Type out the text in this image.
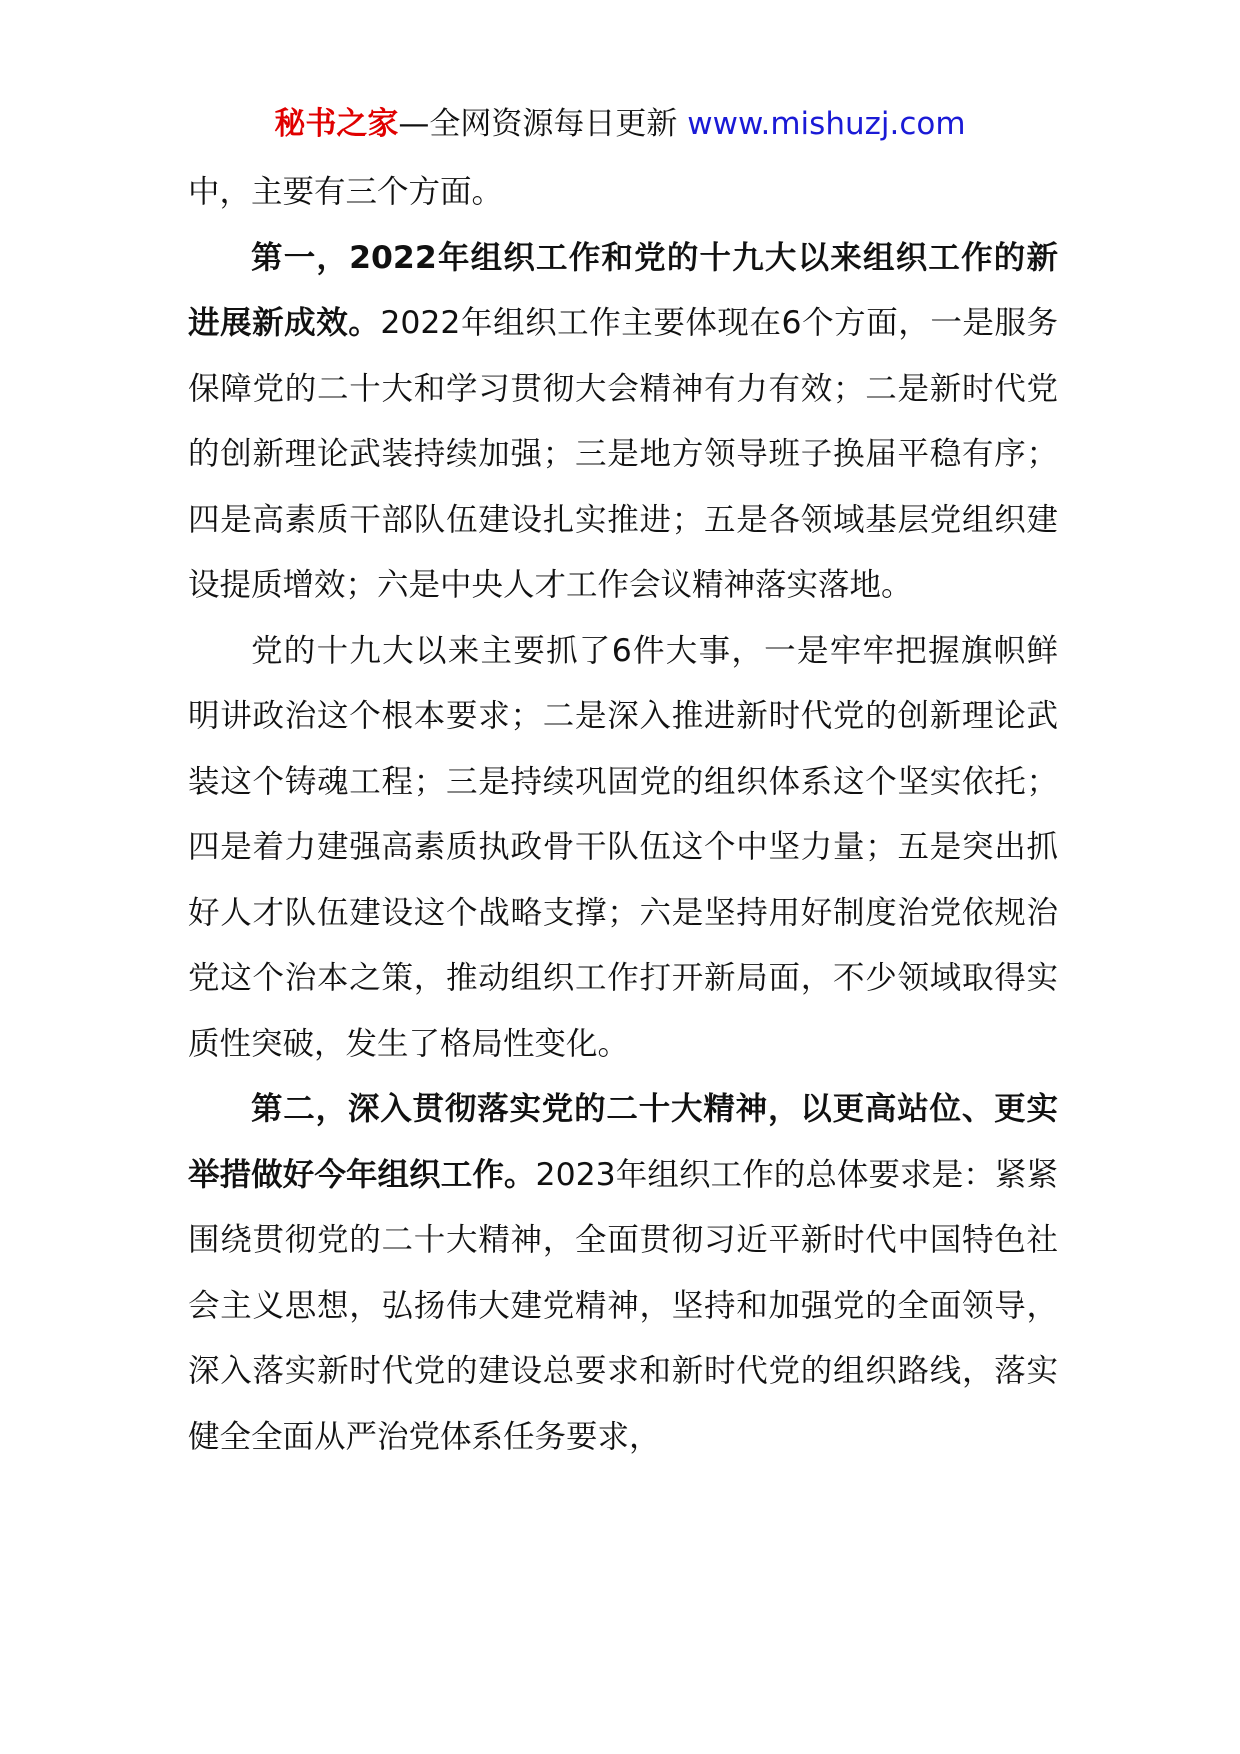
秘书之家—全网资源每日更新 www.mishuzj.com

中，主要有三个方面。

第一，2022年组织工作和党的十九大以来组织工作的新进展新成效。2022年组织工作主要体现在6个方面，一是服务保障党的二十大和学习贯彻大会精神有力有效；二是新时代党的创新理论武装持续加强；三是地方领导班子换届平稳有序；四是高素质干部队伍建设扎实推进；五是各领域基层党组织建设提质增效；六是中央人才工作会议精神落实落地。

党的十九大以来主要抓了6件大事，一是牢牢把握旗帜鲜明讲政治这个根本要求；二是深入推进新时代党的创新理论武装这个铸魂工程；三是持续巩固党的组织体系这个坚实依托；四是着力建强高素质执政骨干队伍这个中坚力量；五是突出抓好人才队伍建设这个战略支撑；六是坚持用好制度治党依规治党这个治本之策，推动组织工作打开新局面，不少领域取得实质性突破，发生了格局性变化。

第二，深入贯彻落实党的二十大精神，以更高站位、更实举措做好今年组织工作。2023年组织工作的总体要求是：紧紧围绕贯彻党的二十大精神，全面贯彻习近平新时代中国特色社会主义思想，弘扬伟大建党精神，坚持和加强党的全面领导，深入落实新时代党的建设总要求和新时代党的组织路线，落实健全全面从严治党体系任务要求，
